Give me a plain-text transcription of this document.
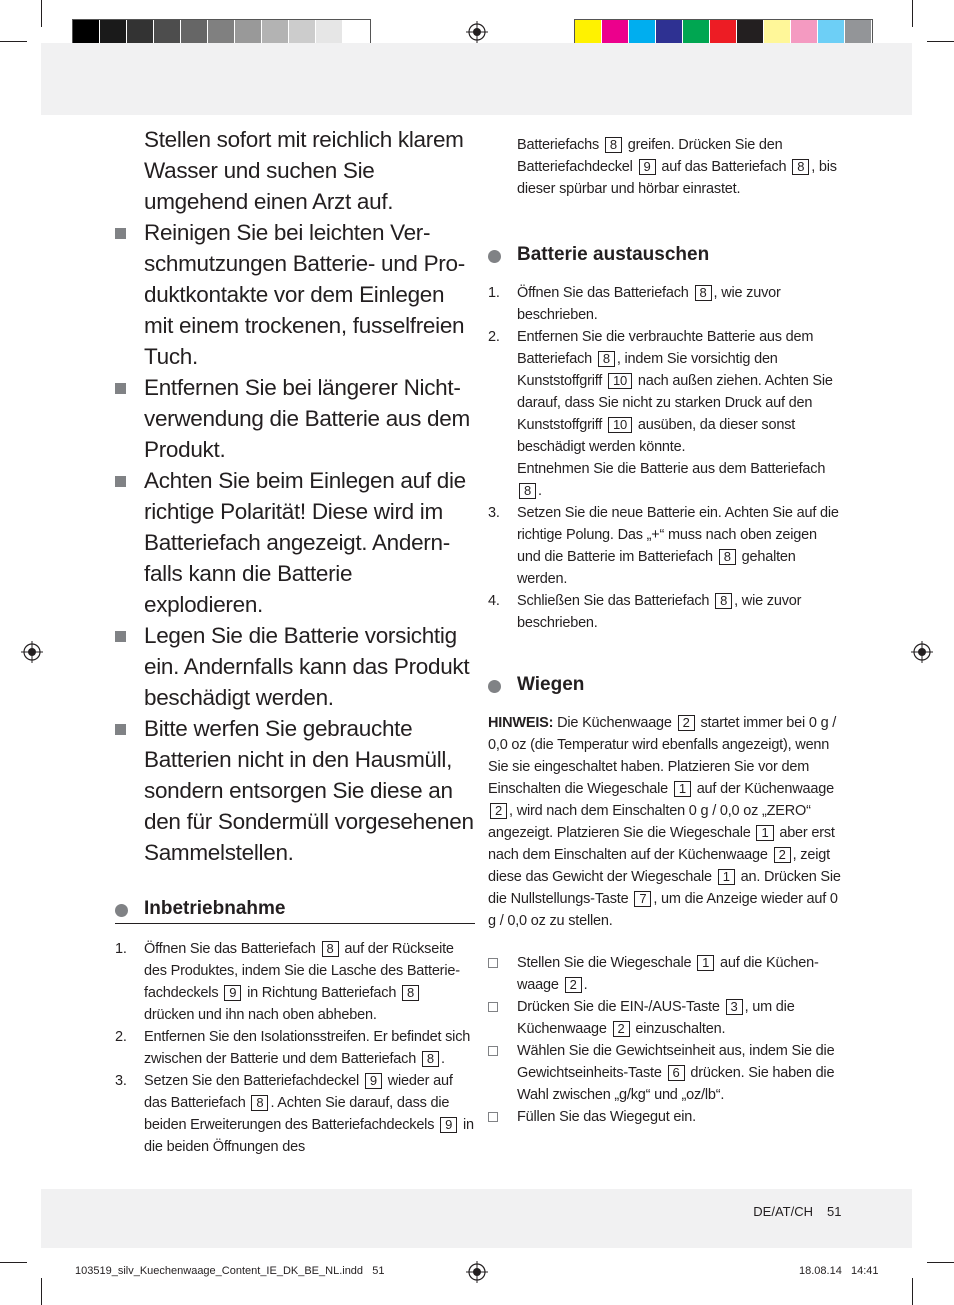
Stellen sofort mit reichlich klarem Wasser und suchen Sie umgehend einen Arzt auf.
Reinigen Sie bei leichten Verschmutzungen Batterie- und Produktkontakte vor dem Einlegen mit einem trockenen, fusselfreien Tuch.
Entfernen Sie bei längerer Nichtverwendung die Batterie aus dem Produkt.
Achten Sie beim Einlegen auf die richtige Polarität! Diese wird im Batteriefach angezeigt. Andernfalls kann die Batterie explodieren.
Legen Sie die Batterie vorsichtig ein. Andernfalls kann das Produkt beschädigt werden.
Bitte werfen Sie gebrauchte Batterien nicht in den Hausmüll, sondern entsorgen Sie diese an den für Sondermüll vorgesehenen Sammelstellen.
Inbetriebnahme
1. Öffnen Sie das Batteriefach 8 auf der Rückseite des Produktes, indem Sie die Lasche des Batteriefachdeckels 9 in Richtung Batteriefach 8 drücken und ihn nach oben abheben.
2. Entfernen Sie den Isolationsstreifen. Er befindet sich zwischen der Batterie und dem Batteriefach 8 .
3. Setzen Sie den Batteriefachdeckel 9 wieder auf das Batteriefach 8 . Achten Sie darauf, dass die beiden Erweiterungen des Batteriefachdeckels 9 in die beiden Öffnungen des
Batteriefachs 8 greifen. Drücken Sie den Batteriefachdeckel 9 auf das Batteriefach 8 , bis dieser spürbar und hörbar einrastet.
Batterie austauschen
1. Öffnen Sie das Batteriefach 8 , wie zuvor beschrieben.
2. Entfernen Sie die verbrauchte Batterie aus dem Batteriefach 8 , indem Sie vorsichtig den Kunststoffgriff 10 nach außen ziehen. Achten Sie darauf, dass Sie nicht zu starken Druck auf den Kunststoffgriff 10 ausüben, da dieser sonst beschädigt werden könnte.
Entnehmen Sie die Batterie aus dem Batteriefach 8 .
3. Setzen Sie die neue Batterie ein. Achten Sie auf die richtige Polung. Das „+“ muss nach oben zeigen und die Batterie im Batteriefach 8 gehalten werden.
4. Schließen Sie das Batteriefach 8 , wie zuvor beschrieben.
Wiegen
HINWEIS: Die Küchenwaage 2 startet immer bei 0 g / 0,0 oz (die Temperatur wird ebenfalls angezeigt), wenn Sie sie eingeschaltet haben. Platzieren Sie vor dem Einschalten die Wiegeschale 1 auf der Küchenwaage 2 , wird nach dem Einschalten 0 g / 0,0 oz „ZERO“ angezeigt. Platzieren Sie die Wiegeschale 1 aber erst nach dem Einschalten auf der Küchenwaage 2 , zeigt diese das Gewicht der Wiegeschale 1 an. Drücken Sie die Nullstellungs-Taste 7 , um die Anzeige wieder auf 0 g / 0,0 oz zu stellen.
Stellen Sie die Wiegeschale 1 auf die Küchenwaage 2 .
Drücken Sie die EIN-/AUS-Taste 3 , um die Küchenwaage 2 einzuschalten.
Wählen Sie die Gewichtseinheit aus, indem Sie die Gewichtseinheits-Taste 6 drücken. Sie haben die Wahl zwischen „g/kg“ und „oz/lb“.
Füllen Sie das Wiegegut ein.
DE/AT/CH 51
103519_silv_Kuechenwaage_Content_IE_DK_BE_NL.indd   51	18.08.14   14:41
